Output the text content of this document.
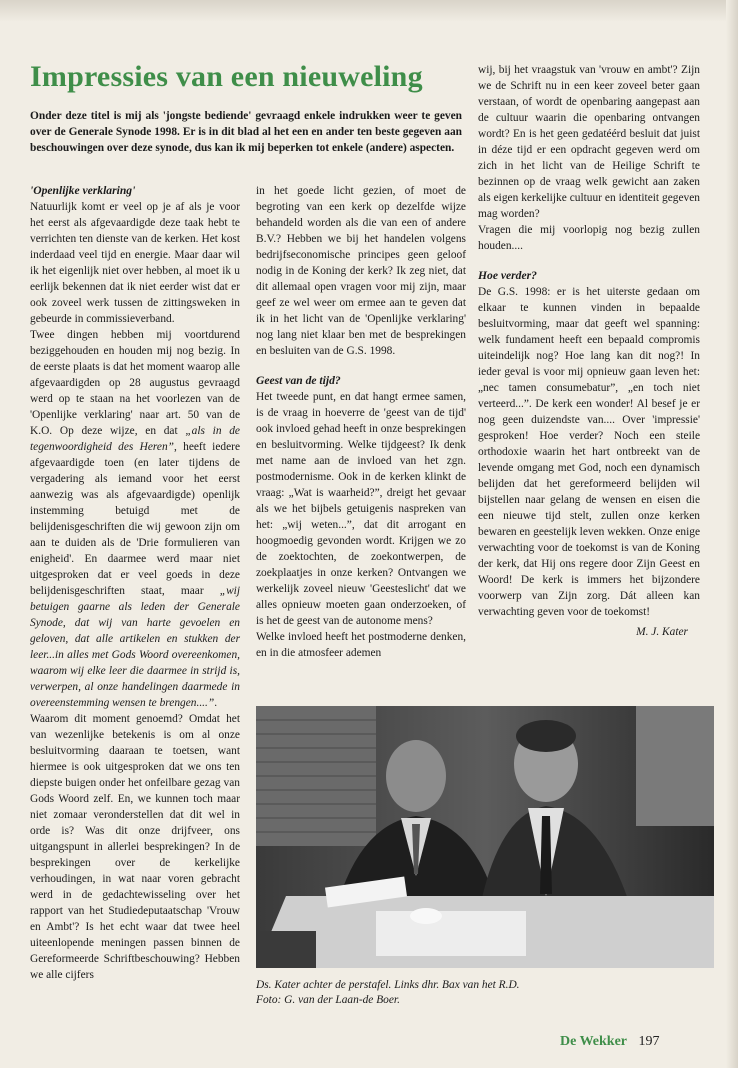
Impressies van een nieuweling

Onder deze titel is mij als 'jongste bediende' gevraagd enkele indrukken weer te geven over de Generale Synode 1998. Er is in dit blad al het een en ander ten beste gegeven aan beschouwingen over deze synode, dus kan ik mij beperken tot enkele (andere) aspecten.

'Openlijke verklaring'

Natuurlijk komt er veel op je af als je voor het eerst als afgevaardigde deze taak hebt te verrichten ten dienste van de kerken. Het kost inderdaad veel tijd en energie. Maar daar wil ik het eigenlijk niet over hebben, al moet ik u eerlijk bekennen dat ik niet eerder wist dat er ook zoveel werk tussen de zittingsweken in gebeurde in commissieverband.

Twee dingen hebben mij voortdurend beziggehouden en houden mij nog bezig. In de eerste plaats is dat het moment waarop alle afgevaardigden op 28 augustus gevraagd werd op te staan na het voorlezen van de 'Openlijke verklaring' naar art. 50 van de K.O. Op deze wijze, en dat „als in de tegenwoordigheid des Heren”, heeft iedere afgevaardigde toen (en later tijdens de vergadering als iemand voor het eerst aanwezig was als afgevaardigde) openlijk instemming betuigd met de belijdenisgeschriften die wij gewoon zijn om aan te duiden als de 'Drie formulieren van enigheid'. En daarmee werd maar niet uitgesproken dat er veel goeds in deze belijdenisgeschriften staat, maar „wij betuigen gaarne als leden der Generale Synode, dat wij van harte gevoelen en geloven, dat alle artikelen en stukken der leer...in alles met Gods Woord overeenkomen, waarom wij elke leer die daarmee in strijd is, verwerpen, al onze handelingen daarmede in overeenstemming wensen te brengen....”.

Waarom dit moment genoemd? Omdat het van wezenlijke betekenis is om al onze besluitvorming daaraan te toetsen, want hiermee is ook uitgesproken dat we ons ten diepste buigen onder het onfeilbare gezag van Gods Woord zelf. En, we kunnen toch maar niet zomaar veronderstellen dat dit wel in orde is? Was dit onze drijfveer, ons uitgangspunt in allerlei besprekingen? In de besprekingen over de kerkelijke verhoudingen, in wat naar voren gebracht werd in de gedachtewisseling over het rapport van het Studiedeputaatschap 'Vrouw en Ambt'? Is het echt waar dat twee heel uiteenlopende meningen passen binnen de Gereformeerde Schriftbeschouwing? Hebben we alle cijfers

in het goede licht gezien, of moet de begroting van een kerk op dezelfde wijze behandeld worden als die van een of andere B.V.? Hebben we bij het handelen volgens bedrijfseconomische principes geen geloof nodig in de Koning der kerk? Ik zeg niet, dat dit allemaal open vragen voor mij zijn, maar geef ze wel weer om ermee aan te geven dat ik in het licht van de 'Openlijke verklaring' nog lang niet klaar ben met de besprekingen en besluiten van de G.S. 1998.

Geest van de tijd?

Het tweede punt, en dat hangt ermee samen, is de vraag in hoeverre de 'geest van de tijd' ook invloed gehad heeft in onze besprekingen en besluitvorming. Welke tijdgeest? Ik denk met name aan de invloed van het zgn. postmodernisme. Ook in de kerken klinkt de vraag: „Wat is waarheid?”, dreigt het gevaar als we het bijbels getuigenis naspreken van het: „wij weten...”, dat dit arrogant en hoogmoedig gevonden wordt. Krijgen we zo de zoektochten, de zoekontwerpen, de zoekplaatjes in onze kerken? Ontvangen we werkelijk zoveel nieuw 'Geesteslicht' dat we alles opnieuw moeten gaan onderzoeken, of is het de geest van de autonome mens?

Welke invloed heeft het postmoderne denken, en in die atmosfeer ademen

wij, bij het vraagstuk van 'vrouw en ambt'? Zijn we de Schrift nu in een keer zoveel beter gaan verstaan, of wordt de openbaring aangepast aan de cultuur waarin die openbaring ontvangen wordt? En is het geen gedatéérd besluit dat juist in déze tijd er een opdracht gegeven werd om zich in het licht van de Heilige Schrift te bezinnen op de vraag welk gewicht aan zaken als eigen kerkelijke cultuur en identiteit gegeven mag worden?

Vragen die mij voorlopig nog bezig zullen houden....

Hoe verder?

De G.S. 1998: er is het uiterste gedaan om elkaar te kunnen vinden in bepaalde besluitvorming, maar dat geeft wel spanning: welk fundament heeft een bepaald compromis uiteindelijk nog? Hoe lang kan dit nog?! In ieder geval is voor mij opnieuw gaan leven het: „nec tamen consumebatur”, „en toch niet verteerd...”. De kerk een wonder! Al besef je er nog geen duizendste van.... Over 'impressie' gesproken! Hoe verder? Noch een steile orthodoxie waarin het hart ontbreekt van de levende omgang met God, noch een dynamisch belijden dat het gereformeerd belijden wil bijstellen naar gelang de wensen en eisen die een nieuwe tijd stelt, zullen onze kerken bewaren en geestelijk leven wekken. Onze enige verwachting voor de toekomst is van de Koning der kerk, dat Hij ons regere door Zijn Geest en Woord! De kerk is immers het bijzondere voorwerp van Zijn zorg. Dát alleen kan verwachting geven voor de toekomst!

M. J. Kater

Ds. Kater achter de perstafel. Links dhr. Bax van het R.D.
Foto: G. van der Laan-de Boer.

De Wekker 197
